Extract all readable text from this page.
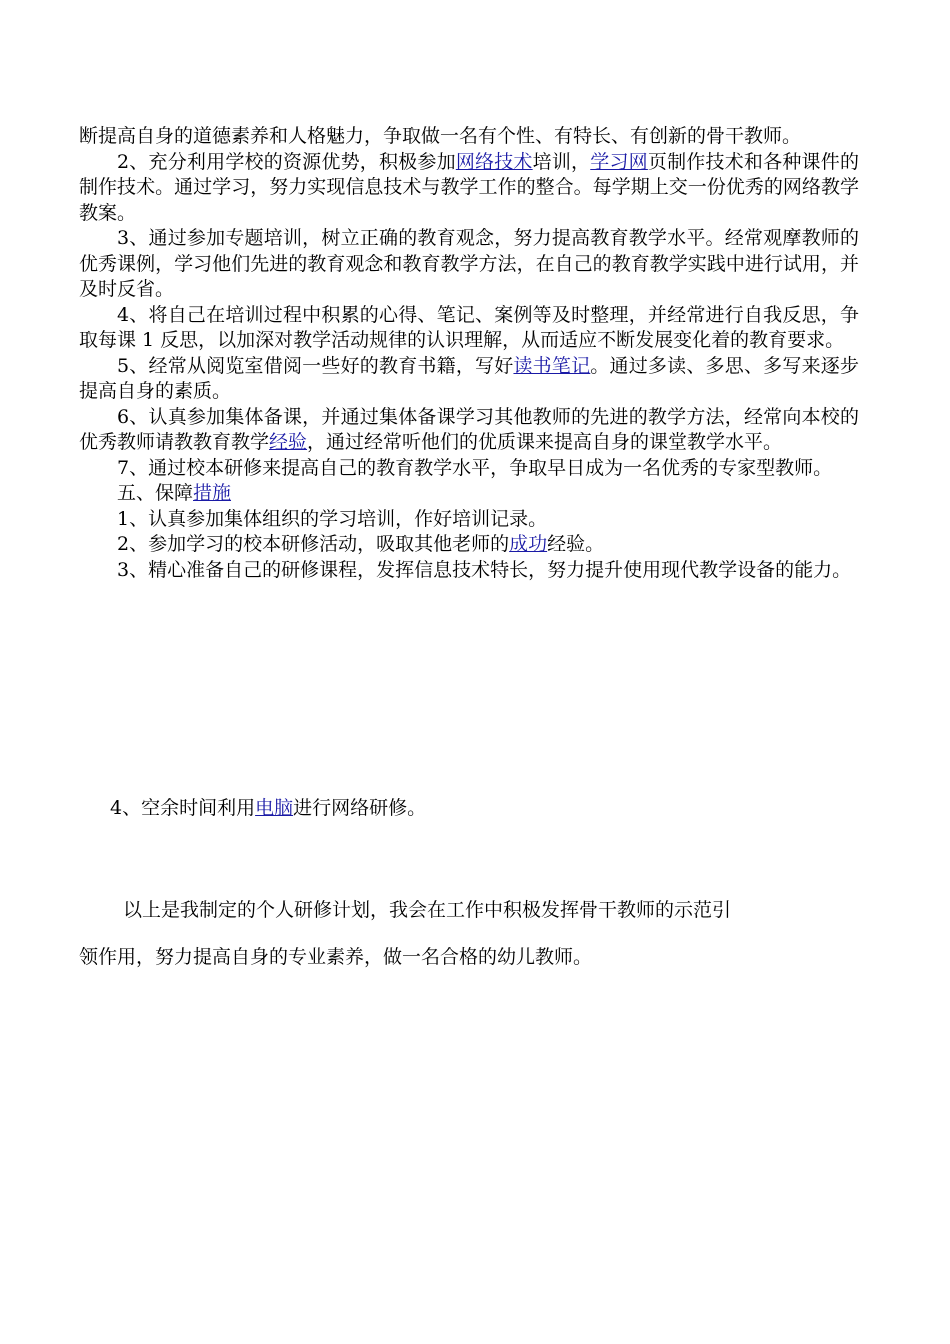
断提高自身的道德素养和人格魅力，争取做一名有个性、有特长、有创新的骨干教师。

2、充分利用学校的资源优势，积极参加网络技术培训，学习网页制作技术和各种课件的制作技术。通过学习，努力实现信息技术与教学工作的整合。每学期上交一份优秀的网络教学教案。

3、通过参加专题培训，树立正确的教育观念，努力提高教育教学水平。经常观摩教师的优秀课例，学习他们先进的教育观念和教育教学方法，在自己的教育教学实践中进行试用，并及时反省。

4、将自己在培训过程中积累的心得、笔记、案例等及时整理，并经常进行自我反思，争取每课 1 反思，以加深对教学活动规律的认识理解，从而适应不断发展变化着的教育要求。

5、经常从阅览室借阅一些好的教育书籍，写好读书笔记。通过多读、多思、多写来逐步提高自身的素质。

6、认真参加集体备课，并通过集体备课学习其他教师的先进的教学方法，经常向本校的优秀教师请教教育教学经验，通过经常听他们的优质课来提高自身的课堂教学水平。

7、通过校本研修来提高自己的教育教学水平，争取早日成为一名优秀的专家型教师。

五、保障措施

1、认真参加集体组织的学习培训，作好培训记录。

2、参加学习的校本研修活动，吸取其他老师的成功经验。

3、精心准备自己的研修课程，发挥信息技术特长，努力提升使用现代教学设备的能力。

4、空余时间利用电脑进行网络研修。
以上是我制定的个人研修计划，我会在工作中积极发挥骨干教师的示范引
领作用，努力提高自身的专业素养，做一名合格的幼儿教师。
